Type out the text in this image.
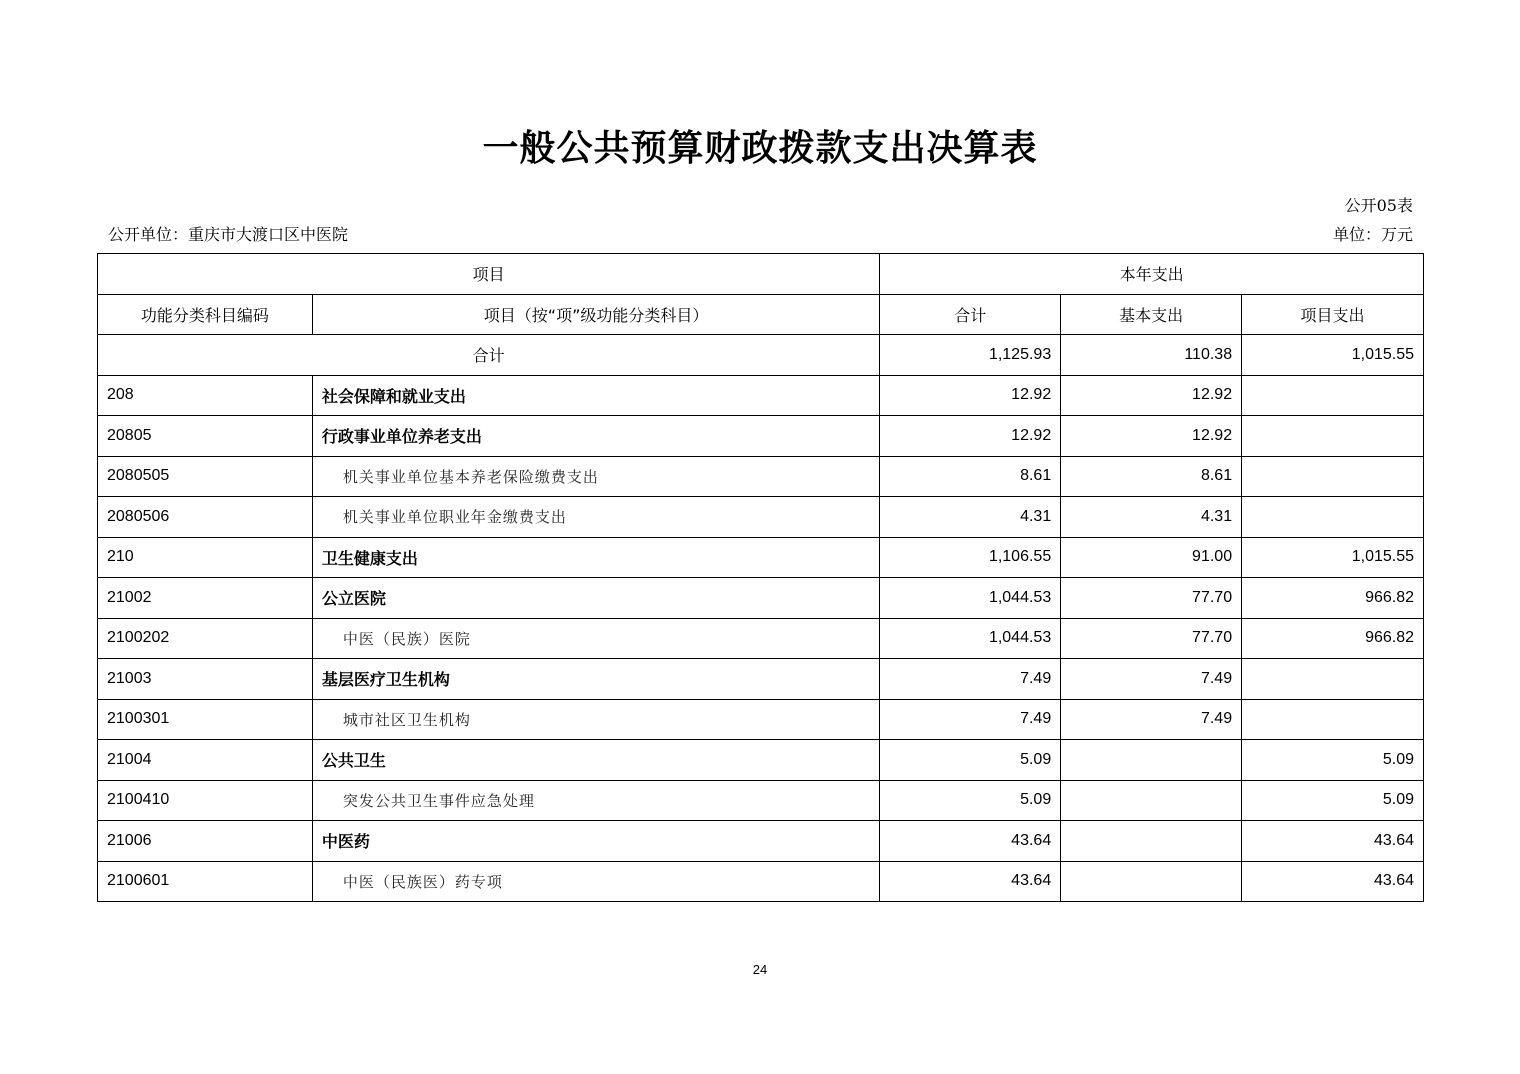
一般公共预算财政拨款支出决算表
公开05表
公开单位：重庆市大渡口区中医院	单位：万元
项目		本年支出		
功能分类科目编码	项目（按“项”级功能分类科目）	合计	基本支出	项目支出
合计		1,125.93	110.38	1,015.55
208	社会保障和就业支出	12.92	12.92	
20805	行政事业单位养老支出	12.92	12.92	
2080505	机关事业单位基本养老保险缴费支出	8.61	8.61	
2080506	机关事业单位职业年金缴费支出	4.31	4.31	
210	卫生健康支出	1,106.55	91.00	1,015.55
21002	公立医院	1,044.53	77.70	966.82
2100202	中医（民族）医院	1,044.53	77.70	966.82
21003	基层医疗卫生机构	7.49	7.49	
2100301	城市社区卫生机构	7.49	7.49	
21004	公共卫生	5.09		5.09
2100410	突发公共卫生事件应急处理	5.09		5.09
21006	中医药	43.64		43.64
2100601	中医（民族医）药专项	43.64		43.64
24
